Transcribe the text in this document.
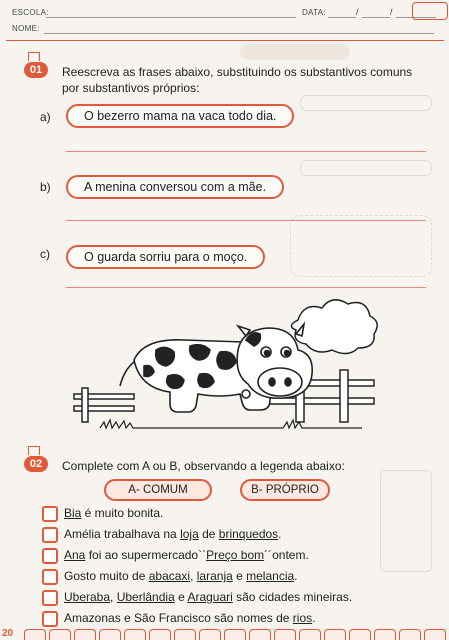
ESCOLA:	DATA:	/	/
NOME:
01	Reescreva as frases abaixo, substituindo os substantivos comuns
por substantivos próprios:
a)	O bezerro mama na vaca todo dia.
b)	A menina conversou com a mãe.
c)	O guarda sorriu para o moço.
02	Complete com A ou B, observando a legenda abaixo:
A- COMUM	B- PRÓPRIO
Bia é muito bonita.
Amélia trabalhava na loja de brinquedos.
Ana foi ao supermercado``Preço bom´´ontem.
Gosto muito de abacaxi, laranja e melancia.
Uberaba, Uberlândia e Araguari são cidades mineiras.
Amazonas e São Francisco são nomes de rios.
20
